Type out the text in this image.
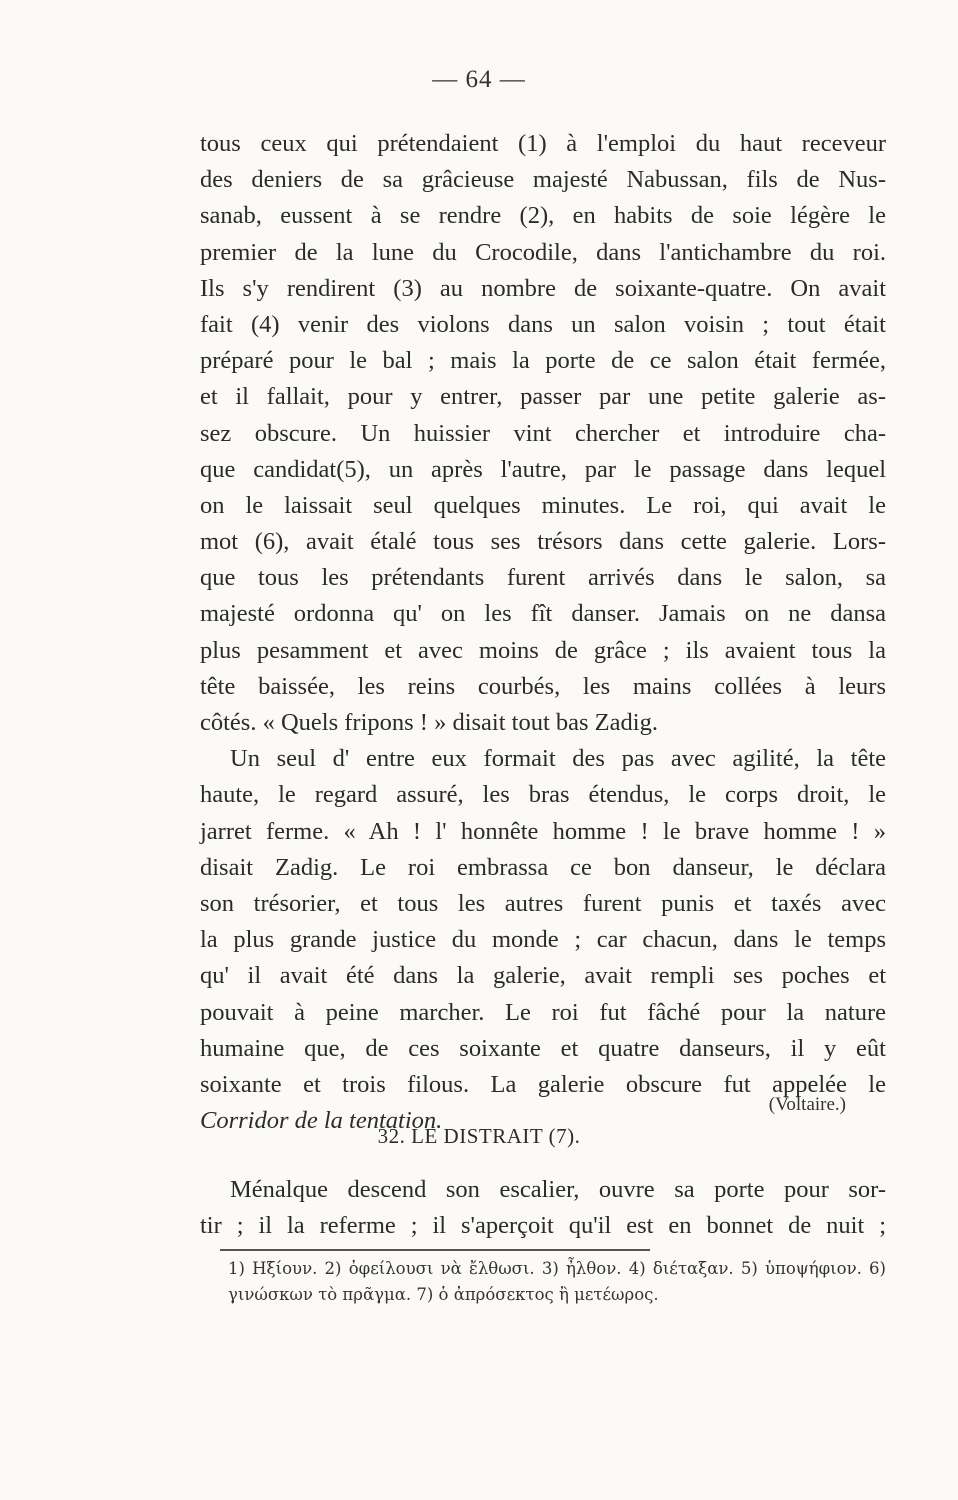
— 64 —
tous ceux qui prétendaient (1) à l'emploi du haut receveur
des deniers de sa grâcieuse majesté Nabussan, fils de Nus-
sanab, eussent à se rendre (2), en habits de soie légère le
premier de la lune du Crocodile, dans l'antichambre du roi.
Ils s'y rendirent (3) au nombre de soixante-quatre. On avait
fait (4) venir des violons dans un salon voisin ; tout était
préparé pour le bal ; mais la porte de ce salon était fermée,
et il fallait, pour y entrer, passer par une petite galerie as-
sez obscure. Un huissier vint chercher et introduire cha-
que candidat(5), un après l'autre, par le passage dans lequel
on le laissait seul quelques minutes. Le roi, qui avait le
mot (6), avait étalé tous ses trésors dans cette galerie. Lors-
que tous les prétendants furent arrivés dans le salon, sa
majesté ordonna qu' on les fît danser. Jamais on ne dansa
plus pesamment et avec moins de grâce ; ils avaient tous la
tête baissée, les reins courbés, les mains collées à leurs
côtés. « Quels fripons ! » disait tout bas Zadig.
Un seul d' entre eux formait des pas avec agilité, la tête
haute, le regard assuré, les bras étendus, le corps droit, le
jarret ferme. « Ah ! l' honnête homme ! le brave homme ! »
disait Zadig. Le roi embrassa ce bon danseur, le déclara
son trésorier, et tous les autres furent punis et taxés avec
la plus grande justice du monde ; car chacun, dans le temps
qu' il avait été dans la galerie, avait rempli ses poches et
pouvait à peine marcher. Le roi fut fâché pour la nature
humaine que, de ces soixante et quatre danseurs, il y eût
soixante et trois filous. La galerie obscure fut appelée le
Corridor de la tentation.
(Voltaire.)
32. LE DISTRAIT (7).
Ménalque descend son escalier, ouvre sa porte pour sor-
tir ; il la referme ; il s'aperçoit qu'il est en bonnet de nuit ;
1) Ηξίουν. 2) ὀφείλουσι νὰ ἔλθωσι. 3) ἦλθον. 4) διέταξαν. 5) ὑποψήφιον. 6)
γινώσκων τὸ πρᾶγμα. 7) ὁ ἀπρόσεκτος ἢ μετέωρος.
